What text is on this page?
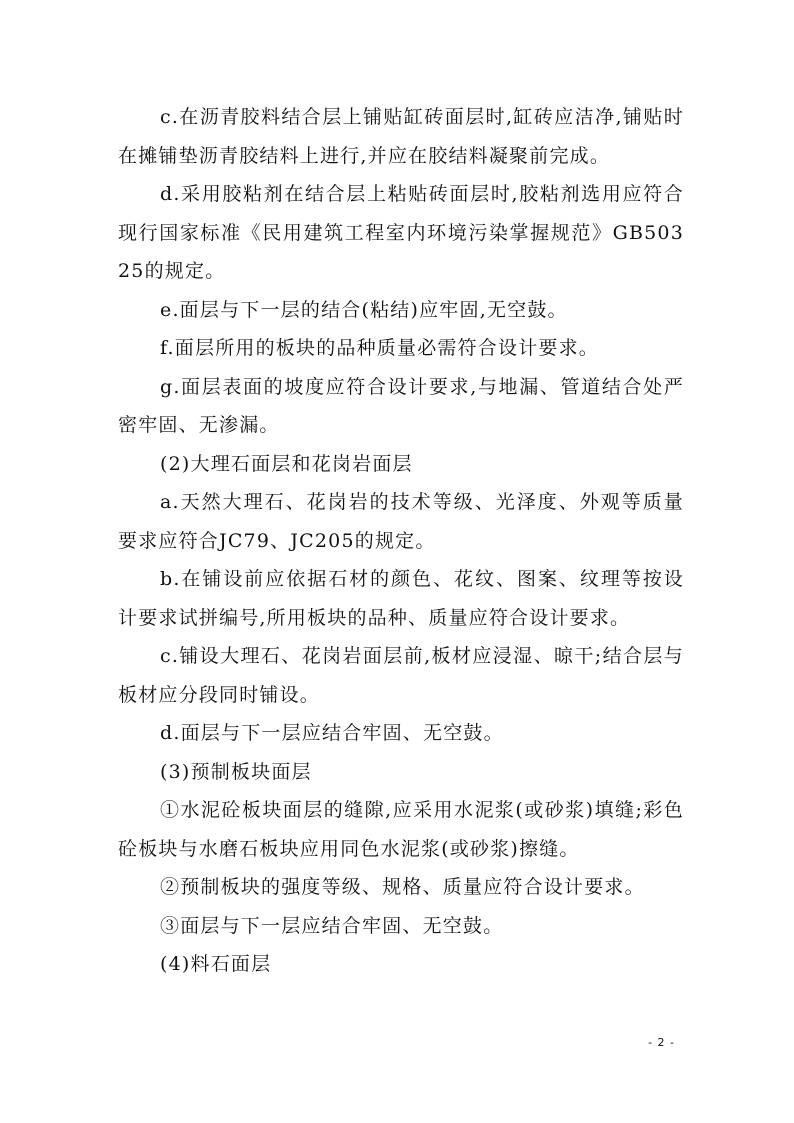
c.在沥青胶料结合层上铺贴缸砖面层时,缸砖应洁净,铺贴时在摊铺垫沥青胶结料上进行,并应在胶结料凝聚前完成。

d.采用胶粘剂在结合层上粘贴砖面层时,胶粘剂选用应符合现行国家标准《民用建筑工程室内环境污染掌握规范》GB50325的规定。

e.面层与下一层的结合(粘结)应牢固,无空鼓。

f.面层所用的板块的品种质量必需符合设计要求。

g.面层表面的坡度应符合设计要求,与地漏、管道结合处严密牢固、无渗漏。

(2)大理石面层和花岗岩面层

a.天然大理石、花岗岩的技术等级、光泽度、外观等质量要求应符合JC79、JC205的规定。

b.在铺设前应依据石材的颜色、花纹、图案、纹理等按设计要求试拼编号,所用板块的品种、质量应符合设计要求。

c.铺设大理石、花岗岩面层前,板材应浸湿、晾干;结合层与板材应分段同时铺设。

d.面层与下一层应结合牢固、无空鼓。

(3)预制板块面层

①水泥砼板块面层的缝隙,应采用水泥浆(或砂浆)填缝;彩色砼板块与水磨石板块应用同色水泥浆(或砂浆)擦缝。

②预制板块的强度等级、规格、质量应符合设计要求。

③面层与下一层应结合牢固、无空鼓。

(4)料石面层

- 2 -
